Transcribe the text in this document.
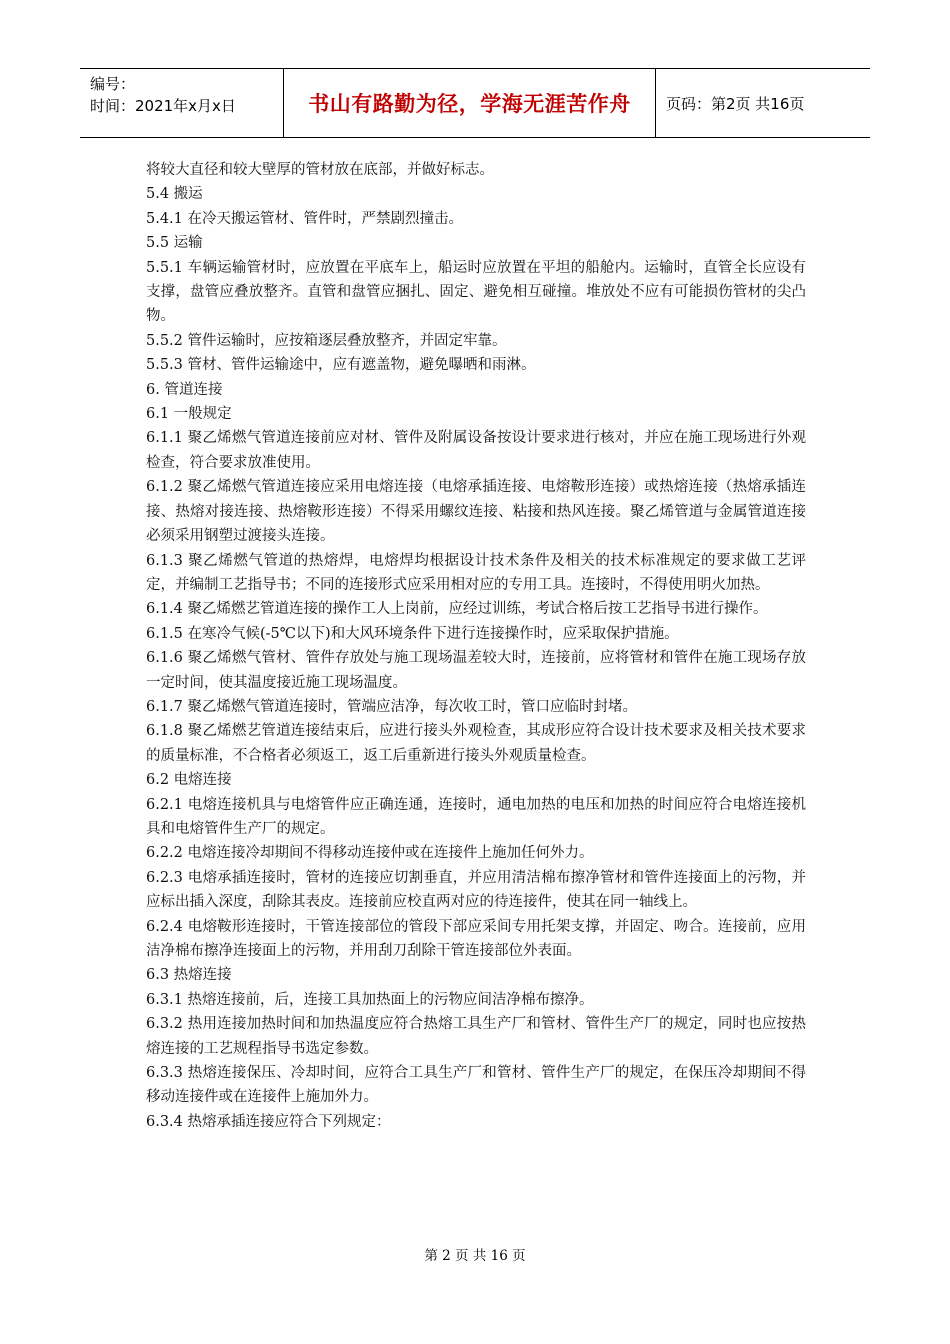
编号：
时间：2021年x月x日	书山有路勤为径，学海无涯苦作舟	页码：第2页 共16页

将较大直径和较大壁厚的管材放在底部，并做好标志。

5.4 搬运

5.4.1 在冷天搬运管材、管件时，严禁剧烈撞击。

5.5 运输

5.5.1 车辆运输管材时，应放置在平底车上，船运时应放置在平坦的船舱内。运输时，直管全长应设有支撑，盘管应叠放整齐。直管和盘管应捆扎、固定、避免相互碰撞。堆放处不应有可能损伤管材的尖凸物。

5.5.2 管件运输时，应按箱逐层叠放整齐，并固定牢靠。

5.5.3 管材、管件运输途中，应有遮盖物，避免曝晒和雨淋。

6. 管道连接

6.1 一般规定

6.1.1 聚乙烯燃气管道连接前应对材、管件及附属设备按设计要求进行核对，并应在施工现场进行外观检查，符合要求放准使用。

6.1.2 聚乙烯燃气管道连接应采用电熔连接（电熔承插连接、电熔鞍形连接）或热熔连接（热熔承插连接、热熔对接连接、热熔鞍形连接）不得采用螺纹连接、粘接和热风连接。聚乙烯管道与金属管道连接必须采用钢塑过渡接头连接。

6.1.3 聚乙烯燃气管道的热熔焊，电熔焊均根据设计技术条件及相关的技术标准规定的要求做工艺评定，并编制工艺指导书；不同的连接形式应采用相对应的专用工具。连接时，不得使用明火加热。

6.1.4 聚乙烯燃艺管道连接的操作工人上岗前，应经过训练，考试合格后按工艺指导书进行操作。

6.1.5 在寒冷气候(-5℃以下)和大风环境条件下进行连接操作时，应采取保护措施。

6.1.6 聚乙烯燃气管材、管件存放处与施工现场温差较大时，连接前，应将管材和管件在施工现场存放一定时间，使其温度接近施工现场温度。

6.1.7 聚乙烯燃气管道连接时，管端应洁净，每次收工时，管口应临时封堵。

6.1.8 聚乙烯燃艺管道连接结束后，应进行接头外观检查，其成形应符合设计技术要求及相关技术要求的质量标准，不合格者必须返工，返工后重新进行接头外观质量检查。

6.2 电熔连接

6.2.1 电熔连接机具与电熔管件应正确连通，连接时，通电加热的电压和加热的时间应符合电熔连接机具和电熔管件生产厂的规定。

6.2.2 电熔连接冷却期间不得移动连接仲或在连接件上施加任何外力。

6.2.3 电熔承插连接时，管材的连接应切割垂直，并应用清洁棉布擦净管材和管件连接面上的污物，并应标出插入深度，刮除其表皮。连接前应校直两对应的待连接件，使其在同一轴线上。

6.2.4 电熔鞍形连接时，干管连接部位的管段下部应采间专用托架支撑，并固定、吻合。连接前，应用洁净棉布擦净连接面上的污物，并用刮刀刮除干管连接部位外表面。

6.3 热熔连接

6.3.1 热熔连接前，后，连接工具加热面上的污物应间洁净棉布擦净。

6.3.2 热用连接加热时间和加热温度应符合热熔工具生产厂和管材、管件生产厂的规定，同时也应按热熔连接的工艺规程指导书选定参数。

6.3.3 热熔连接保压、冷却时间，应符合工具生产厂和管材、管件生产厂的规定，在保压冷却期间不得移动连接件或在连接件上施加外力。

6.3.4 热熔承插连接应符合下列规定：

第 2 页 共 16 页
